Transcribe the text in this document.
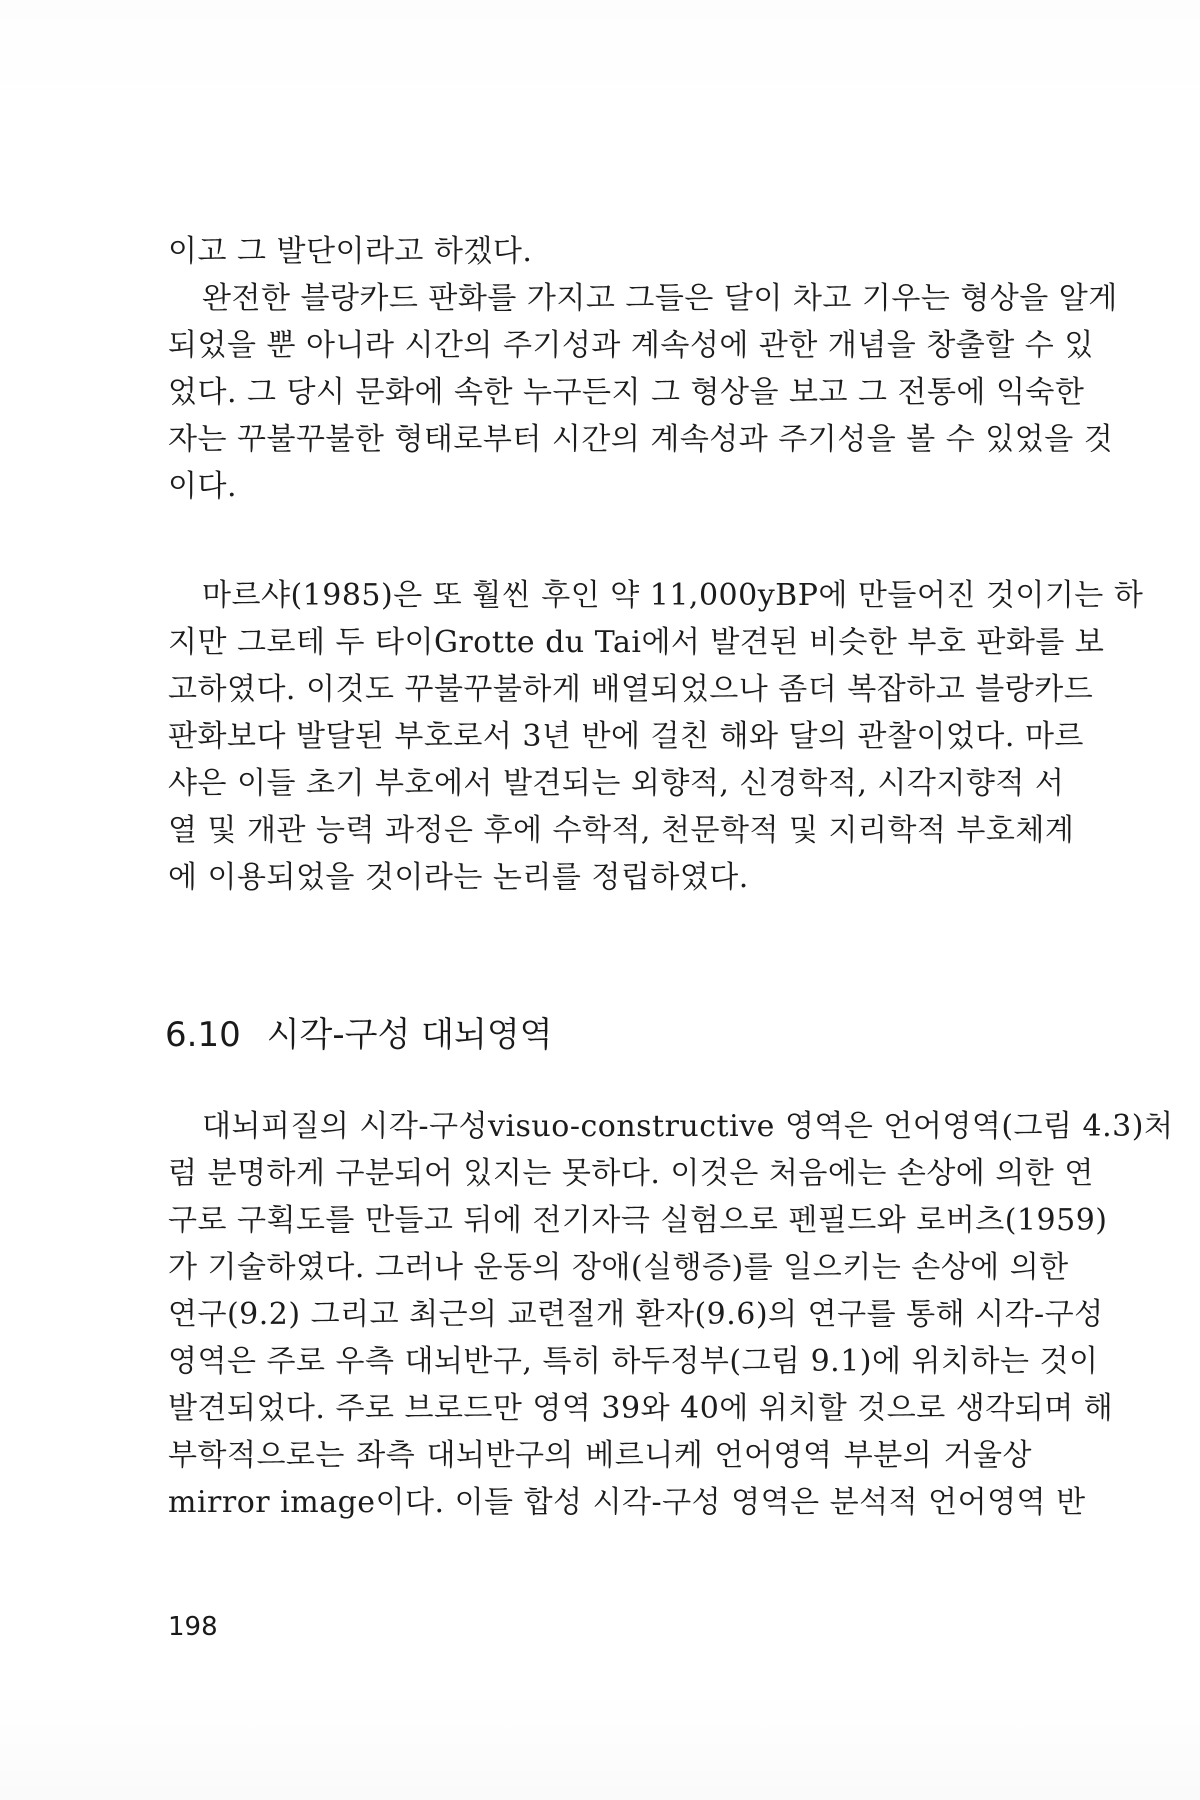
이고 그 발단이라고 하겠다.
완전한 블랑카드 판화를 가지고 그들은 달이 차고 기우는 형상을 알게
되었을 뿐 아니라 시간의 주기성과 계속성에 관한 개념을 창출할 수 있
었다. 그 당시 문화에 속한 누구든지 그 형상을 보고 그 전통에 익숙한
자는 꾸불꾸불한 형태로부터 시간의 계속성과 주기성을 볼 수 있었을 것
이다.
마르샤(1985)은 또 훨씬 후인 약 11,000yBP에 만들어진 것이기는 하
지만 그로테 두 타이Grotte du Tai에서 발견된 비슷한 부호 판화를 보
고하였다. 이것도 꾸불꾸불하게 배열되었으나 좀더 복잡하고 블랑카드
판화보다 발달된 부호로서 3년 반에 걸친 해와 달의 관찰이었다. 마르
샤은 이들 초기 부호에서 발견되는 외향적, 신경학적, 시각지향적 서
열 및 개관 능력 과정은 후에 수학적, 천문학적 및 지리학적 부호체계
에 이용되었을 것이라는 논리를 정립하였다.
6.10 시각-구성 대뇌영역
대뇌피질의 시각-구성visuo-constructive 영역은 언어영역(그림 4.3)처
럼 분명하게 구분되어 있지는 못하다. 이것은 처음에는 손상에 의한 연
구로 구획도를 만들고 뒤에 전기자극 실험으로 펜필드와 로버츠(1959)
가 기술하였다. 그러나 운동의 장애(실행증)를 일으키는 손상에 의한
연구(9.2) 그리고 최근의 교련절개 환자(9.6)의 연구를 통해 시각-구성
영역은 주로 우측 대뇌반구, 특히 하두정부(그림 9.1)에 위치하는 것이
발견되었다. 주로 브로드만 영역 39와 40에 위치할 것으로 생각되며 해
부학적으로는 좌측 대뇌반구의 베르니케 언어영역 부분의 거울상
mirror image이다. 이들 합성 시각-구성 영역은 분석적 언어영역 반
198
